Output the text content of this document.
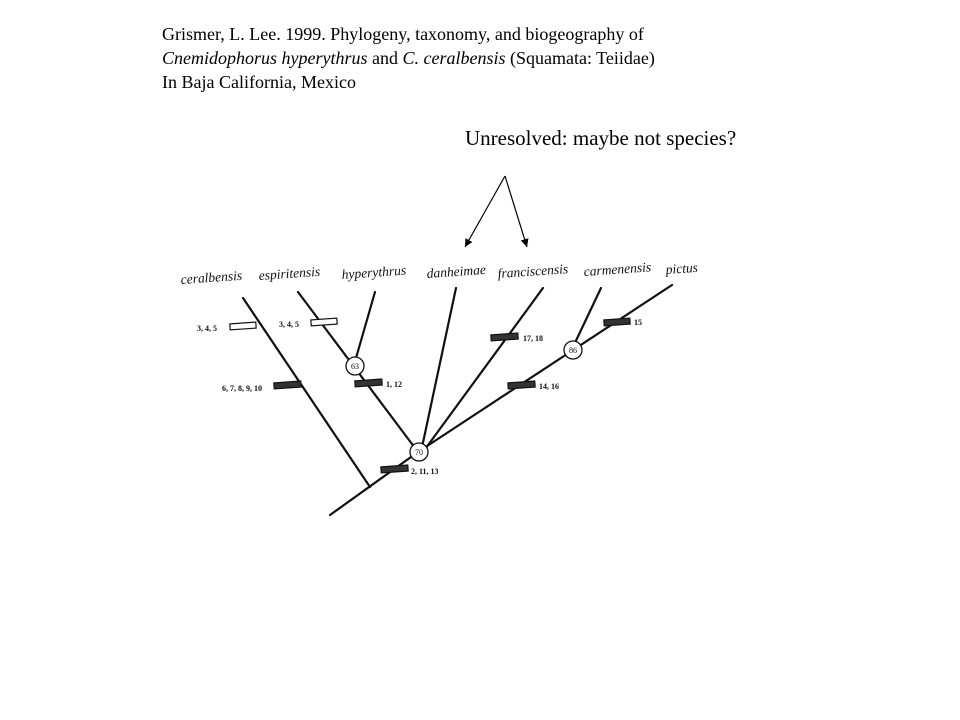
Grismer, L. Lee. 1999. Phylogeny, taxonomy, and biogeography of
Cnemidophorus hyperythrus and C. ceralbensis (Squamata: Teiidae)
In Baja California, Mexico
Unresolved: maybe not species?
ceralbensis espiritensis hyperythrus danheimae franciscensis carmenensis pictus
3, 4, 5	3, 4, 5
6, 7, 8, 9, 10	1, 12
17, 18
14, 16
15
2, 11, 13
63
70
86
